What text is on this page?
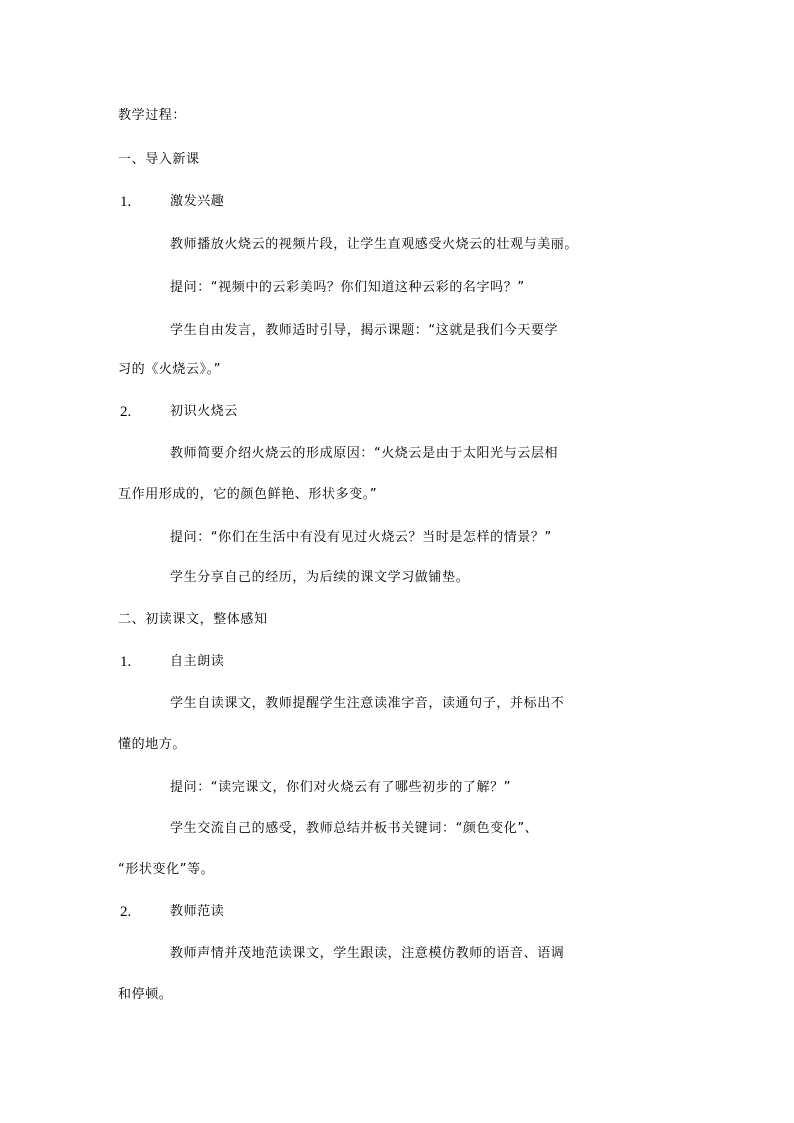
教学过程：
一、导入新课
1.	激发兴趣
教师播放火烧云的视频片段，让学生直观感受火烧云的壮观与美丽。
提问：“视频中的云彩美吗？你们知道这种云彩的名字吗？”
学生自由发言，教师适时引导，揭示课题：“这就是我们今天要学
习的《火烧云》。”
2.	初识火烧云
教师简要介绍火烧云的形成原因：“火烧云是由于太阳光与云层相
互作用形成的，它的颜色鲜艳、形状多变。”
提问：“你们在生活中有没有见过火烧云？当时是怎样的情景？”
学生分享自己的经历，为后续的课文学习做铺垫。
二、初读课文，整体感知
1.	自主朗读
学生自读课文，教师提醒学生注意读准字音，读通句子，并标出不
懂的地方。
提问：“读完课文，你们对火烧云有了哪些初步的了解？”
学生交流自己的感受，教师总结并板书关键词：“颜色变化”、
“形状变化”等。
2.	教师范读
教师声情并茂地范读课文，学生跟读，注意模仿教师的语音、语调
和停顿。
